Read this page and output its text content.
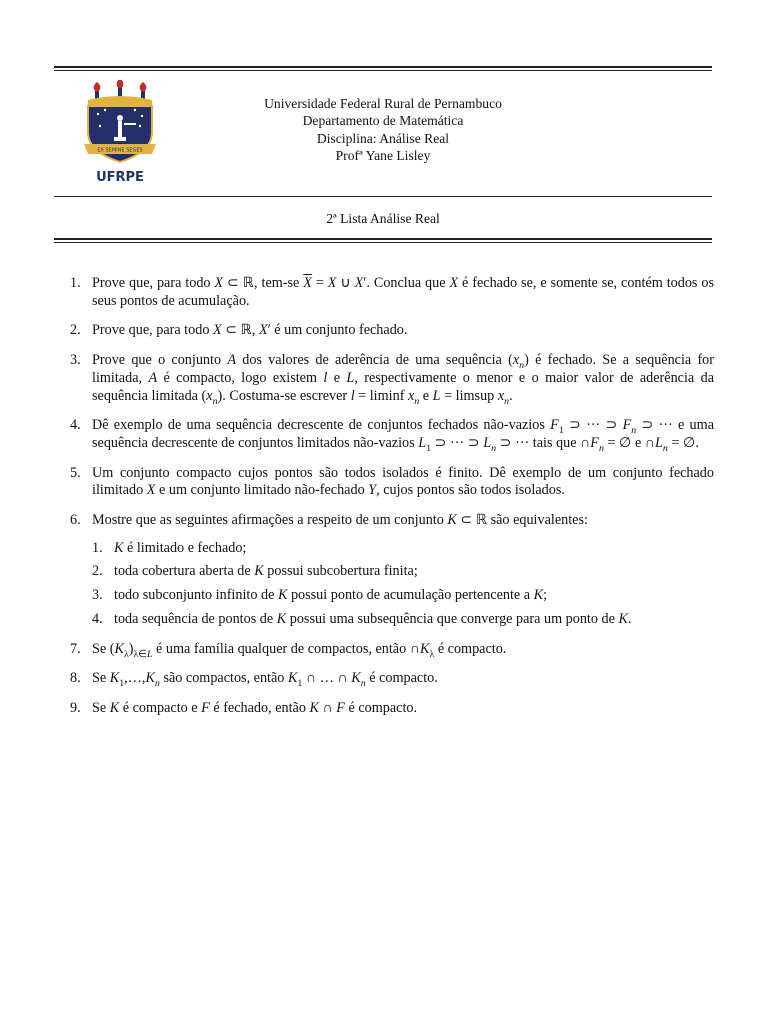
EX SEMINE SEGES
UFRPE
Universidade Federal Rural de Pernambuco
Departamento de Matemática
Disciplina: Análise Real
Profª Yane Lisley
2ª Lista Análise Real
1. Prove que, para todo X ⊂ ℝ, tem-se $\overline{X} = X$ ∪ X′. Conclua que X é fechado se, e somente se, contém todos os seus pontos de acumulação.
2. Prove que, para todo X ⊂ ℝ, X′ é um conjunto fechado.
3. Prove que o conjunto A dos valores de aderência de uma sequência $(x_n)$ é fechado. Se a sequência for limitada, A é compacto, logo existem l e L, respectivamente o menor e o maior valor de aderência da sequência limitada $(x_n)$. Costuma-se escrever l = liminf $x_n$ e L = limsup $x_n$.
4. Dê exemplo de uma sequência decrescente de conjuntos fechados não-vazios $F_1$ ⊃ ··· ⊃ $F_n$ ⊃ ··· e uma sequência decrescente de conjuntos limitados não-vazios $L_1$ ⊃ ··· ⊃ $L_n$ ⊃ ··· tais que $\cap F_n$ = ∅ e $\cap L_n$ = ∅.
5. Um conjunto compacto cujos pontos são todos isolados é finito. Dê exemplo de um conjunto fechado ilimitado X e um conjunto limitado não-fechado Y, cujos pontos são todos isolados.
6. Mostre que as seguintes afirmações a respeito de um conjunto K ⊂ ℝ são equivalentes:
1. K é limitado e fechado;
2. toda cobertura aberta de K possui subcobertura finita;
3. todo subconjunto infinito de K possui ponto de acumulação pertencente a K;
4. toda sequência de pontos de K possui uma subsequência que converge para um ponto de K.
7. Se $(K_\lambda)_{\lambda\in L}$ é uma família qualquer de compactos, então $\cap K_\lambda$ é compacto.
8. Se $K_1,\dots,K_n$ são compactos, então $K_1$ ∩ … ∩ $K_n$ é compacto.
9. Se K é compacto e F é fechado, então K ∩ F é compacto.
